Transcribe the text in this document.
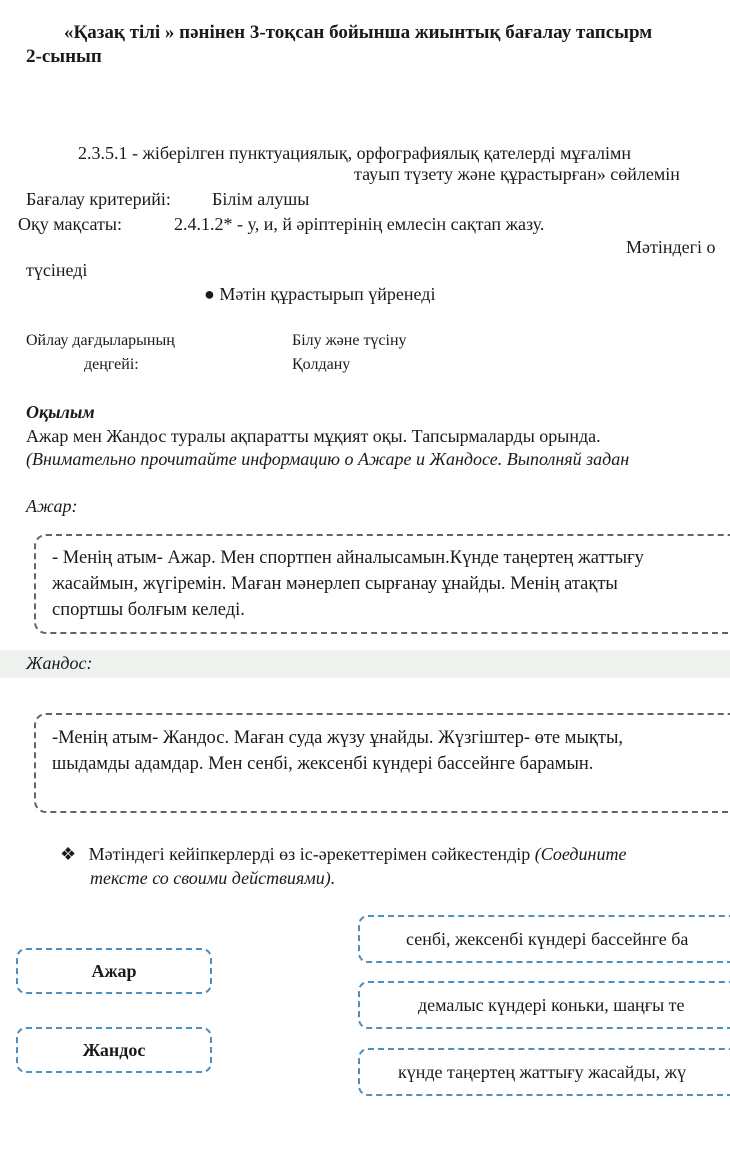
«Қазақ тілі » пәнінен 3-тоқсан бойынша жиынтық бағалау тапсырм
2-сынып
2.3.5.1 - жіберілген пунктуациялық, орфографиялық қателерді мұғалімн
тауып түзету және құрастырған» сөйлемін
Бағалау критерийі: Білім алушы
Оқу мақсаты:	2.4.1.2* - у, и, й әріптерінің емлесін сақтап жазу.
Мәтіндегі о
түсінеді
● Мәтін құрастырып үйренеді
Ойлау дағдыларының
деңгейі:
Білу және түсіну
Қолдану
Оқылым
Ажар мен Жандос туралы ақпаратты мұқият оқы. Тапсырмаларды орында.
(Внимательно прочитайте информацию о Ажаре и Жандосе. Выполняй задан
Ажар:
- Менің атым- Ажар. Мен спортпен айналысамын.Күнде таңертең жаттығу
жасаймын, жүгіремін. Маған мәнерлеп сырғанау ұнайды. Менің атақты
спортшы болғым келеді.
Жандос:
-Менің атым- Жандос. Маған суда жүзу ұнайды. Жүзгіштер- өте мықты,
шыдамды адамдар. Мен сенбі, жексенбі күндері бассейнге барамын.
❖ Мәтіндегі кейіпкерлерді өз іс-әрекеттерімен сәйкестендір (Соедините
тексте со своими действиями).
Ажар
Жандос
сенбі, жексенбі күндері бассейнге ба
демалыс күндері коньки, шаңғы те
күнде таңертең жаттығу жасайды, жү
